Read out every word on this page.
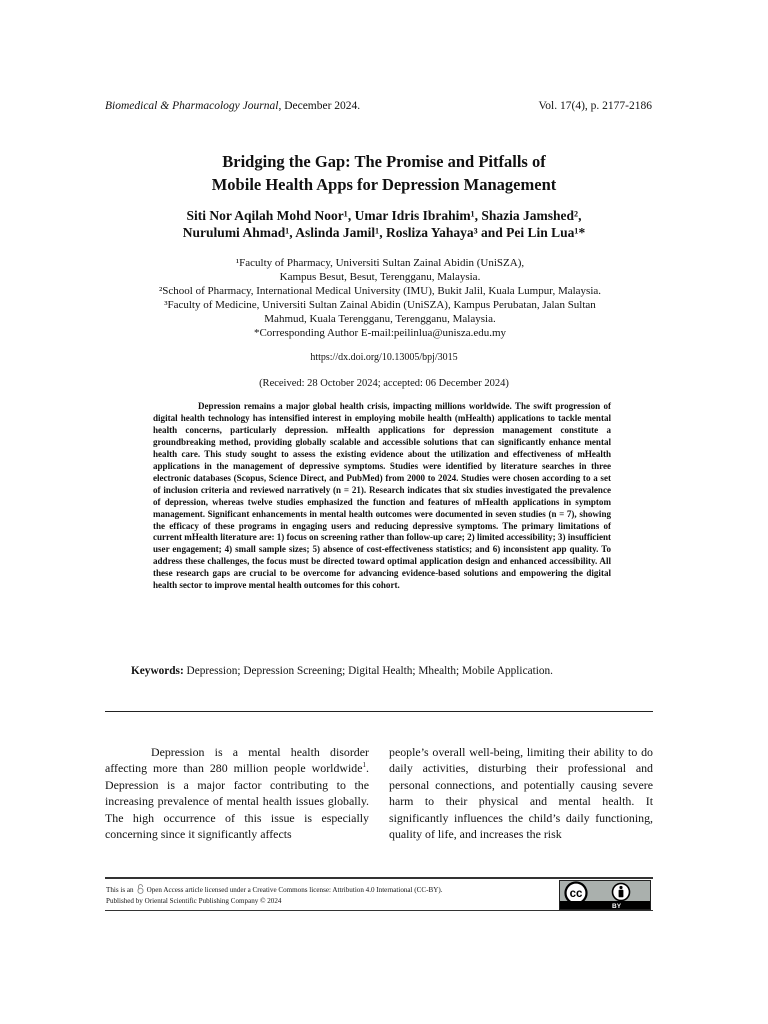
Biomedical & Pharmacology Journal, December 2024.	Vol. 17(4), p. 2177-2186
Bridging the Gap: The Promise and Pitfalls of
Mobile Health Apps for Depression Management
Siti Nor Aqilah Mohd Noor¹, Umar Idris Ibrahim¹, Shazia Jamshed²,
Nurulumi Ahmad¹, Aslinda Jamil¹, Rosliza Yahaya³ and Pei Lin Lua¹*
¹Faculty of Pharmacy, Universiti Sultan Zainal Abidin (UniSZA),
Kampus Besut, Besut, Terengganu, Malaysia.
²School of Pharmacy, International Medical University (IMU), Bukit Jalil, Kuala Lumpur, Malaysia.
³Faculty of Medicine, Universiti Sultan Zainal Abidin (UniSZA), Kampus Perubatan, Jalan Sultan
Mahmud, Kuala Terengganu, Terengganu, Malaysia.
*Corresponding Author E-mail:peilinlua@unisza.edu.my
https://dx.doi.org/10.13005/bpj/3015
(Received: 28 October 2024; accepted: 06 December 2024)
Depression remains a major global health crisis, impacting millions worldwide. The swift progression of digital health technology has intensified interest in employing mobile health (mHealth) applications to tackle mental health concerns, particularly depression. mHealth applications for depression management constitute a groundbreaking method, providing globally scalable and accessible solutions that can significantly enhance mental health care. This study sought to assess the existing evidence about the utilization and effectiveness of mHealth applications in the management of depressive symptoms. Studies were identified by literature searches in three electronic databases (Scopus, Science Direct, and PubMed) from 2000 to 2024. Studies were chosen according to a set of inclusion criteria and reviewed narratively (n = 21). Research indicates that six studies investigated the prevalence of depression, whereas twelve studies emphasized the function and features of mHealth applications in symptom management. Significant enhancements in mental health outcomes were documented in seven studies (n = 7), showing the efficacy of these programs in engaging users and reducing depressive symptoms. The primary limitations of current mHealth literature are: 1) focus on screening rather than follow-up care; 2) limited accessibility; 3) insufficient user engagement; 4) small sample sizes; 5) absence of cost-effectiveness statistics; and 6) inconsistent app quality. To address these challenges, the focus must be directed toward optimal application design and enhanced accessibility. All these research gaps are crucial to be overcome for advancing evidence-based solutions and empowering the digital health sector to improve mental health outcomes for this cohort.
Keywords: Depression; Depression Screening; Digital Health; Mhealth; Mobile Application.
Depression is a mental health disorder affecting more than 280 million people worldwide$^1$. Depression is a major factor contributing to the increasing prevalence of mental health issues globally. The high occurrence of this issue is especially concerning since it significantly affects
people’s overall well-being, limiting their ability to do daily activities, disturbing their professional and personal connections, and potentially causing severe harm to their physical and mental health. It significantly influences the child’s daily functioning, quality of life, and increases the risk
This is an Open Access article licensed under a Creative Commons license: Attribution 4.0 International (CC-BY).
Published by Oriental Scientific Publishing Company © 2024
cc
BY
